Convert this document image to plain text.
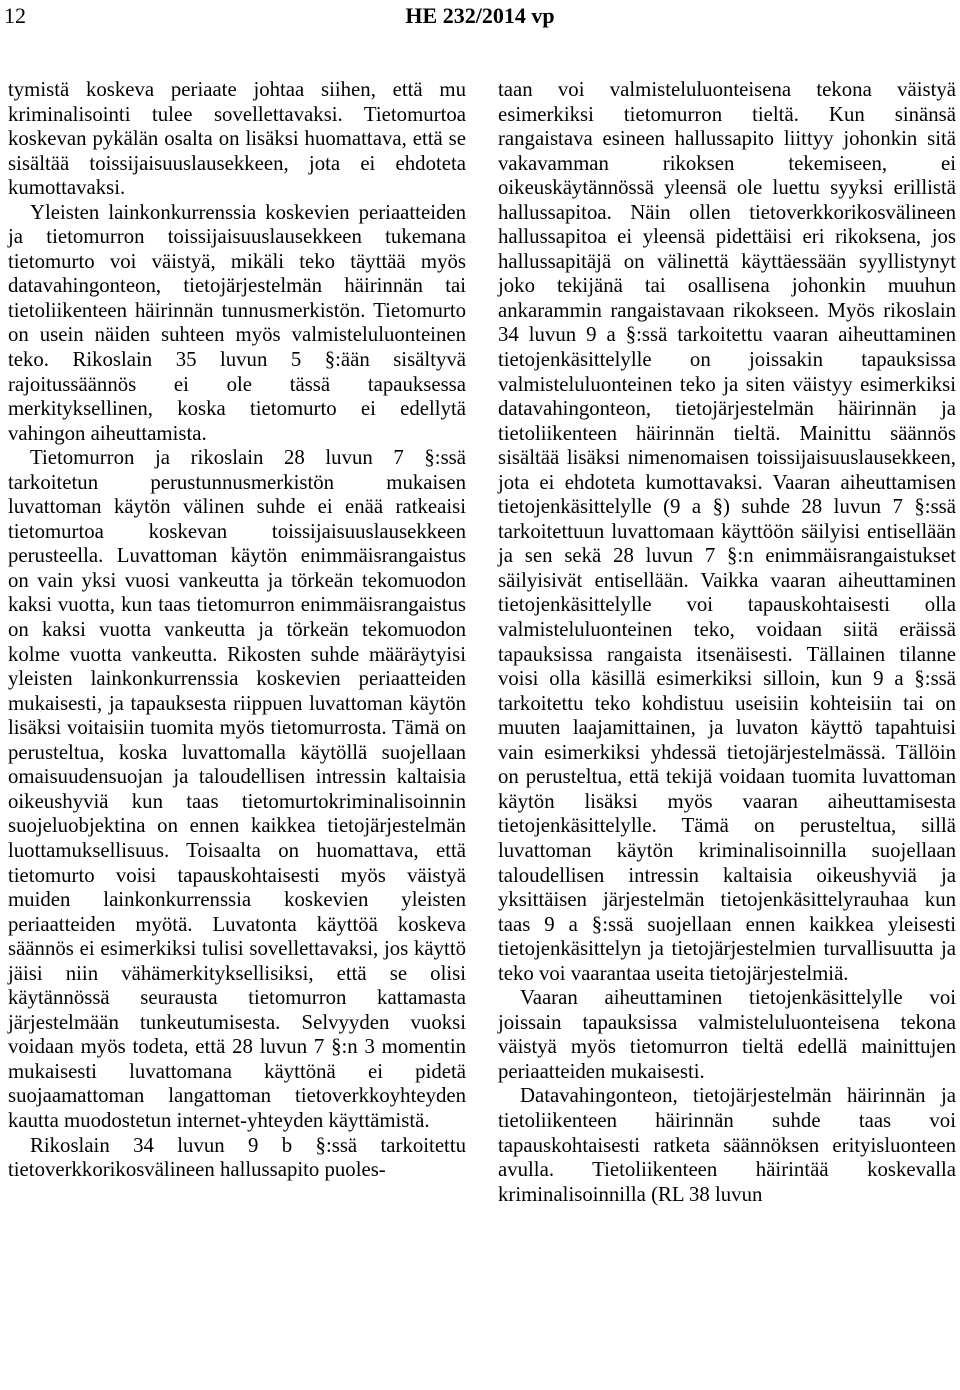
12	HE 232/2014 vp

tymistä koskeva periaate johtaa siihen, että mu kriminalisointi tulee sovellettavaksi. Tietomurtoa koskevan pykälän osalta on lisäksi huomattava, että se sisältää toissijaisuuslausekkeen, jota ei ehdoteta kumottavaksi.

Yleisten lainkonkurrenssia koskevien periaatteiden ja tietomurron toissijaisuuslausekkeen tukemana tietomurto voi väistyä, mikäli teko täyttää myös datavahingonteon, tietojärjestelmän häirinnän tai tietoliikenteen häirinnän tunnusmerkistön. Tietomurto on usein näiden suhteen myös valmisteluluonteinen teko. Rikoslain 35 luvun 5 §:ään sisältyvä rajoitussäännös ei ole tässä tapauksessa merkityksellinen, koska tietomurto ei edellytä vahingon aiheuttamista.

Tietomurron ja rikoslain 28 luvun 7 §:ssä tarkoitetun perustunnusmerkistön mukaisen luvattoman käytön välinen suhde ei enää ratkeaisi tietomurtoa koskevan toissijaisuuslausekkeen perusteella. Luvattoman käytön enimmäisrangaistus on vain yksi vuosi vankeutta ja törkeän tekomuodon kaksi vuotta, kun taas tietomurron enimmäisrangaistus on kaksi vuotta vankeutta ja törkeän tekomuodon kolme vuotta vankeutta. Rikosten suhde määräytyisi yleisten lainkonkurrenssia koskevien periaatteiden mukaisesti, ja tapauksesta riippuen luvattoman käytön lisäksi voitaisiin tuomita myös tietomurrosta. Tämä on perusteltua, koska luvattomalla käytöllä suojellaan omaisuudensuojan ja taloudellisen intressin kaltaisia oikeushyviä kun taas tietomurtokriminalisoinnin suojeluobjektina on ennen kaikkea tietojärjestelmän luottamuksellisuus. Toisaalta on huomattava, että tietomurto voisi tapauskohtaisesti myös väistyä muiden lainkonkurrenssia koskevien yleisten periaatteiden myötä. Luvatonta käyttöä koskeva säännös ei esimerkiksi tulisi sovellettavaksi, jos käyttö jäisi niin vähämerkityksellisiksi, että se olisi käytännössä seurausta tietomurron kattamasta järjestelmään tunkeutumisesta. Selvyyden vuoksi voidaan myös todeta, että 28 luvun 7 §:n 3 momentin mukaisesti luvattomana käyttönä ei pidetä suojaamattoman langattoman tietoverkkoyhteyden kautta muodostetun internet-yhteyden käyttämistä.

Rikoslain 34 luvun 9 b §:ssä tarkoitettu tietoverkkorikosvälineen hallussapito puoles-

taan voi valmisteluluonteisena tekona väistyä esimerkiksi tietomurron tieltä. Kun sinänsä rangaistava esineen hallussapito liittyy johonkin sitä vakavamman rikoksen tekemiseen, ei oikeuskäytännössä yleensä ole luettu syyksi erillistä hallussapitoa. Näin ollen tietoverkkorikosvälineen hallussapitoa ei yleensä pidettäisi eri rikoksena, jos hallussapitäjä on välinettä käyttäessään syyllistynyt joko tekijänä tai osallisena johonkin muuhun ankarammin rangaistavaan rikokseen. Myös rikoslain 34 luvun 9 a §:ssä tarkoitettu vaaran aiheuttaminen tietojenkäsittelylle on joissakin tapauksissa valmisteluluonteinen teko ja siten väistyy esimerkiksi datavahingonteon, tietojärjestelmän häirinnän ja tietoliikenteen häirinnän tieltä. Mainittu säännös sisältää lisäksi nimenomaisen toissijaisuuslausekkeen, jota ei ehdoteta kumottavaksi. Vaaran aiheuttamisen tietojenkäsittelylle (9 a §) suhde 28 luvun 7 §:ssä tarkoitettuun luvattomaan käyttöön säilyisi entisellään ja sen sekä 28 luvun 7 §:n enimmäisrangaistukset säilyisivät entisellään. Vaikka vaaran aiheuttaminen tietojenkäsittelylle voi tapauskohtaisesti olla valmisteluluonteinen teko, voidaan siitä eräissä tapauksissa rangaista itsenäisesti. Tällainen tilanne voisi olla käsillä esimerkiksi silloin, kun 9 a §:ssä tarkoitettu teko kohdistuu useisiin kohteisiin tai on muuten laajamittainen, ja luvaton käyttö tapahtuisi vain esimerkiksi yhdessä tietojärjestelmässä. Tällöin on perusteltua, että tekijä voidaan tuomita luvattoman käytön lisäksi myös vaaran aiheuttamisesta tietojenkäsittelylle. Tämä on perusteltua, sillä luvattoman käytön kriminalisoinnilla suojellaan taloudellisen intressin kaltaisia oikeushyviä ja yksittäisen järjestelmän tietojenkäsittelyrauhaa kun taas 9 a §:ssä suojellaan ennen kaikkea yleisesti tietojenkäsittelyn ja tietojärjestelmien turvallisuutta ja teko voi vaarantaa useita tietojärjestelmiä.

Vaaran aiheuttaminen tietojenkäsittelylle voi joissain tapauksissa valmisteluluonteisena tekona väistyä myös tietomurron tieltä edellä mainittujen periaatteiden mukaisesti.

Datavahingonteon, tietojärjestelmän häirinnän ja tietoliikenteen häirinnän suhde taas voi tapauskohtaisesti ratketa säännöksen erityisluonteen avulla. Tietoliikenteen häirintää koskevalla kriminalisoinnilla (RL 38 luvun
